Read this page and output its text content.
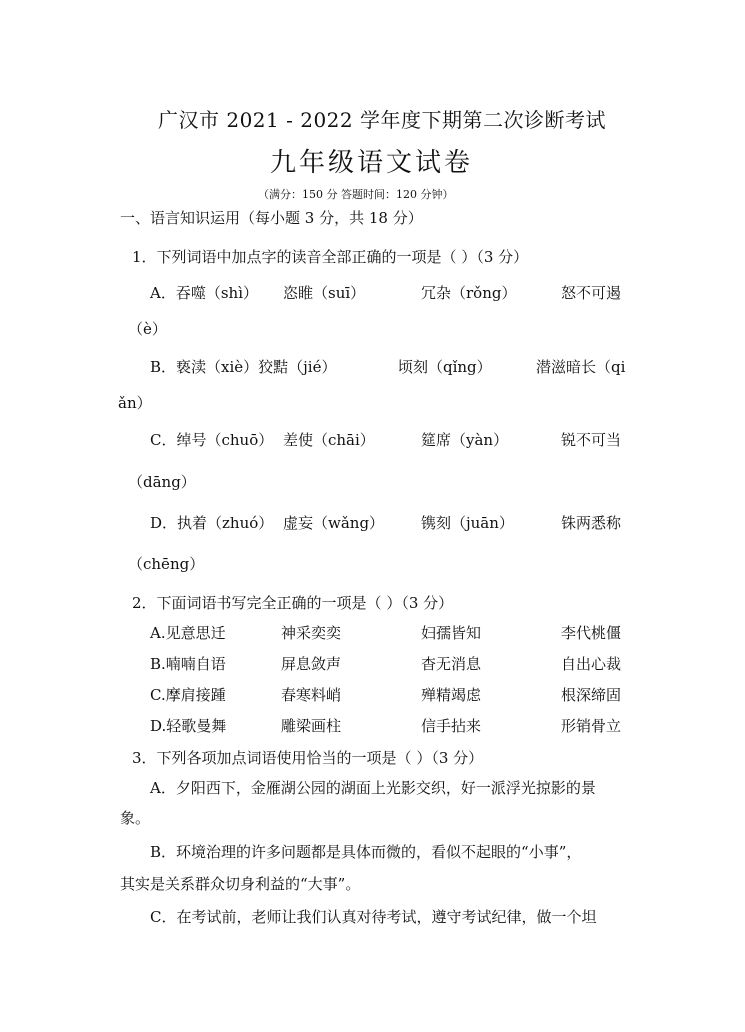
广汉市 2021 - 2022 学年度下期第二次诊断考试
九年级语文试卷
（满分：150 分 答题时间：120 分钟）
一、语言知识运用（每小题 3 分，共 18 分）
1．下列词语中加点字的读音全部正确的一项是（ ）（3 分）
A．吞噬（shì） 恣睢（suī）	冗杂（rǒng）	怒不可遏
（è）
B．亵渎（xiè）狡黠（jié）	顷刻（qǐng）	潜滋暗长（qi
ǎn）
C．绰号（chuō） 差使（chāi）	筵席（yàn）	锐不可当
（dāng）
D．执着（zhuó） 虚妄（wǎng） 镌刻（juān）	铢两悉称
（chēng）
2．下面词语书写完全正确的一项是（ ）（3 分）
A.见意思迁	神采奕奕	妇孺皆知	李代桃僵
B.喃喃自语	屏息敛声	杳无消息	自出心裁
C.摩肩接踵	春寒料峭	殚精竭虑	根深缔固
D.轻歌曼舞	雕梁画柱	信手拈来	形销骨立
3．下列各项加点词语使用恰当的一项是（ ）（3 分）
A．夕阳西下，金雁湖公园的湖面上光影交织，好一派浮光掠影的景
象。
B．环境治理的许多问题都是具体而微的，看似不起眼的“小事”，
其实是关系群众切身利益的“大事”。
C．在考试前，老师让我们认真对待考试，遵守考试纪律，做一个坦
